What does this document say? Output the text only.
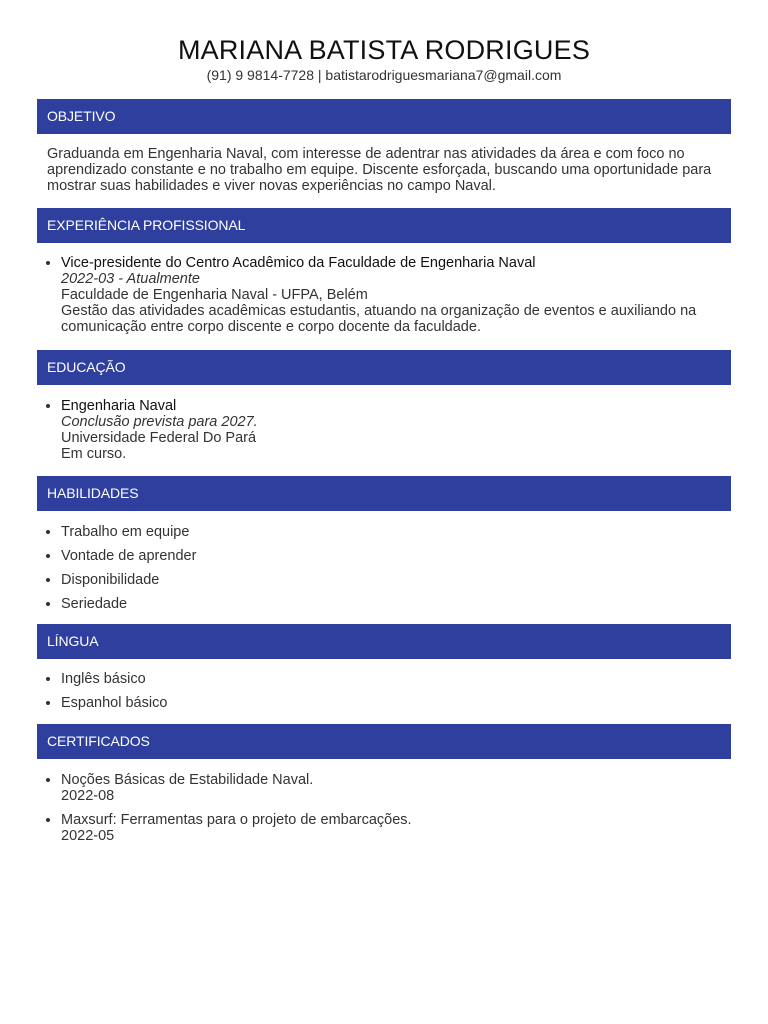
MARIANA BATISTA RODRIGUES
(91) 9 9814-7728 | batistarodriguesmariana7@gmail.com
OBJETIVO

Graduanda em Engenharia Naval, com interesse de adentrar nas atividades da área e com foco no aprendizado constante e no trabalho em equipe. Discente esforçada, buscando uma oportunidade para mostrar suas habilidades e viver novas experiências no campo Naval.

EXPERIÊNCIA PROFISSIONAL
• Vice-presidente do Centro Acadêmico da Faculdade de Engenharia Naval
2022-03 - Atualmente
Faculdade de Engenharia Naval - UFPA, Belém
Gestão das atividades acadêmicas estudantis, atuando na organização de eventos e auxiliando na comunicação entre corpo discente e corpo docente da faculdade.
EDUCAÇÃO
• Engenharia Naval
Conclusão prevista para 2027.
Universidade Federal Do Pará
Em curso.
HABILIDADES
• Trabalho em equipe
• Vontade de aprender
• Disponibilidade
• Seriedade
LÍNGUA
• Inglês básico
• Espanhol básico
CERTIFICADOS
• Noções Básicas de Estabilidade Naval.
2022-08
• Maxsurf: Ferramentas para o projeto de embarcações.
2022-05
